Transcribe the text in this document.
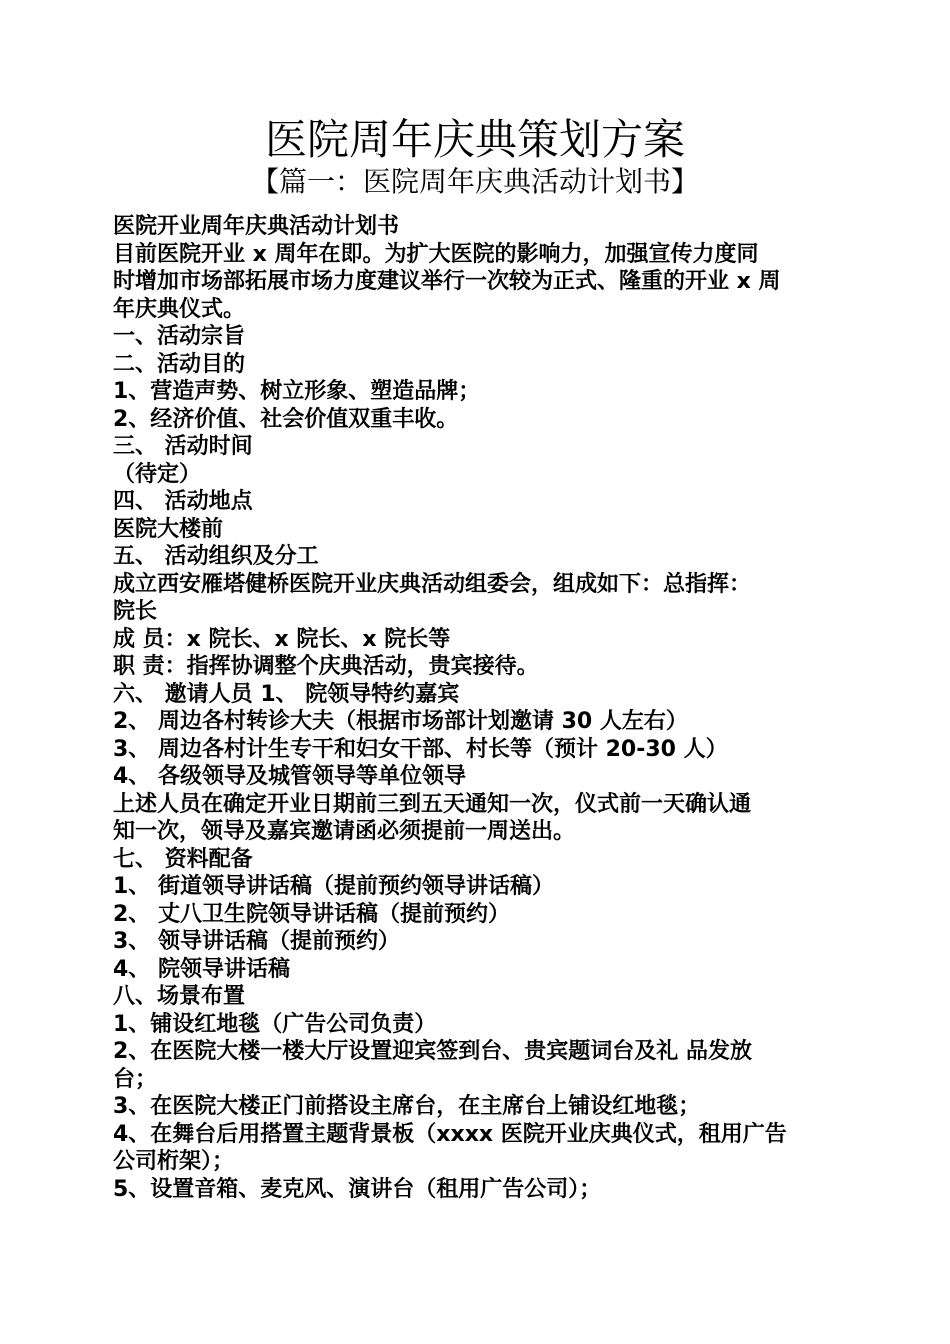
医院周年庆典策划方案
【篇一：医院周年庆典活动计划书】

医院开业周年庆典活动计划书

目前医院开业 x 周年在即。为扩大医院的影响力，加强宣传力度同

时增加市场部拓展市场力度建议举行一次较为正式、隆重的开业 x 周

年庆典仪式。

一、活动宗旨

二、活动目的

1、营造声势、树立形象、塑造品牌；

2、经济价值、社会价值双重丰收。

三、 活动时间

（待定）

四、 活动地点

医院大楼前

五、 活动组织及分工

成立西安雁塔健桥医院开业庆典活动组委会，组成如下：总指挥：

院长

成 员：x 院长、x 院长、x 院长等

职 责：指挥协调整个庆典活动，贵宾接待。

六、 邀请人员 1、 院领导特约嘉宾

2、 周边各村转诊大夫（根据市场部计划邀请 30 人左右）

3、 周边各村计生专干和妇女干部、村长等（预计 20-30 人）

4、 各级领导及城管领导等单位领导

上述人员在确定开业日期前三到五天通知一次，仪式前一天确认通

知一次，领导及嘉宾邀请函必须提前一周送出。

七、 资料配备

1、 街道领导讲话稿（提前预约领导讲话稿）

2、 丈八卫生院领导讲话稿（提前预约）

3、 领导讲话稿（提前预约）

4、 院领导讲话稿

八、场景布置

1、铺设红地毯（广告公司负责）

2、在医院大楼一楼大厅设置迎宾签到台、贵宾题词台及礼 品发放

台；

3、在医院大楼正门前搭设主席台，在主席台上铺设红地毯；

4、在舞台后用搭置主题背景板（xxxx 医院开业庆典仪式，租用广告

公司桁架）；

5、设置音箱、麦克风、演讲台（租用广告公司）；
